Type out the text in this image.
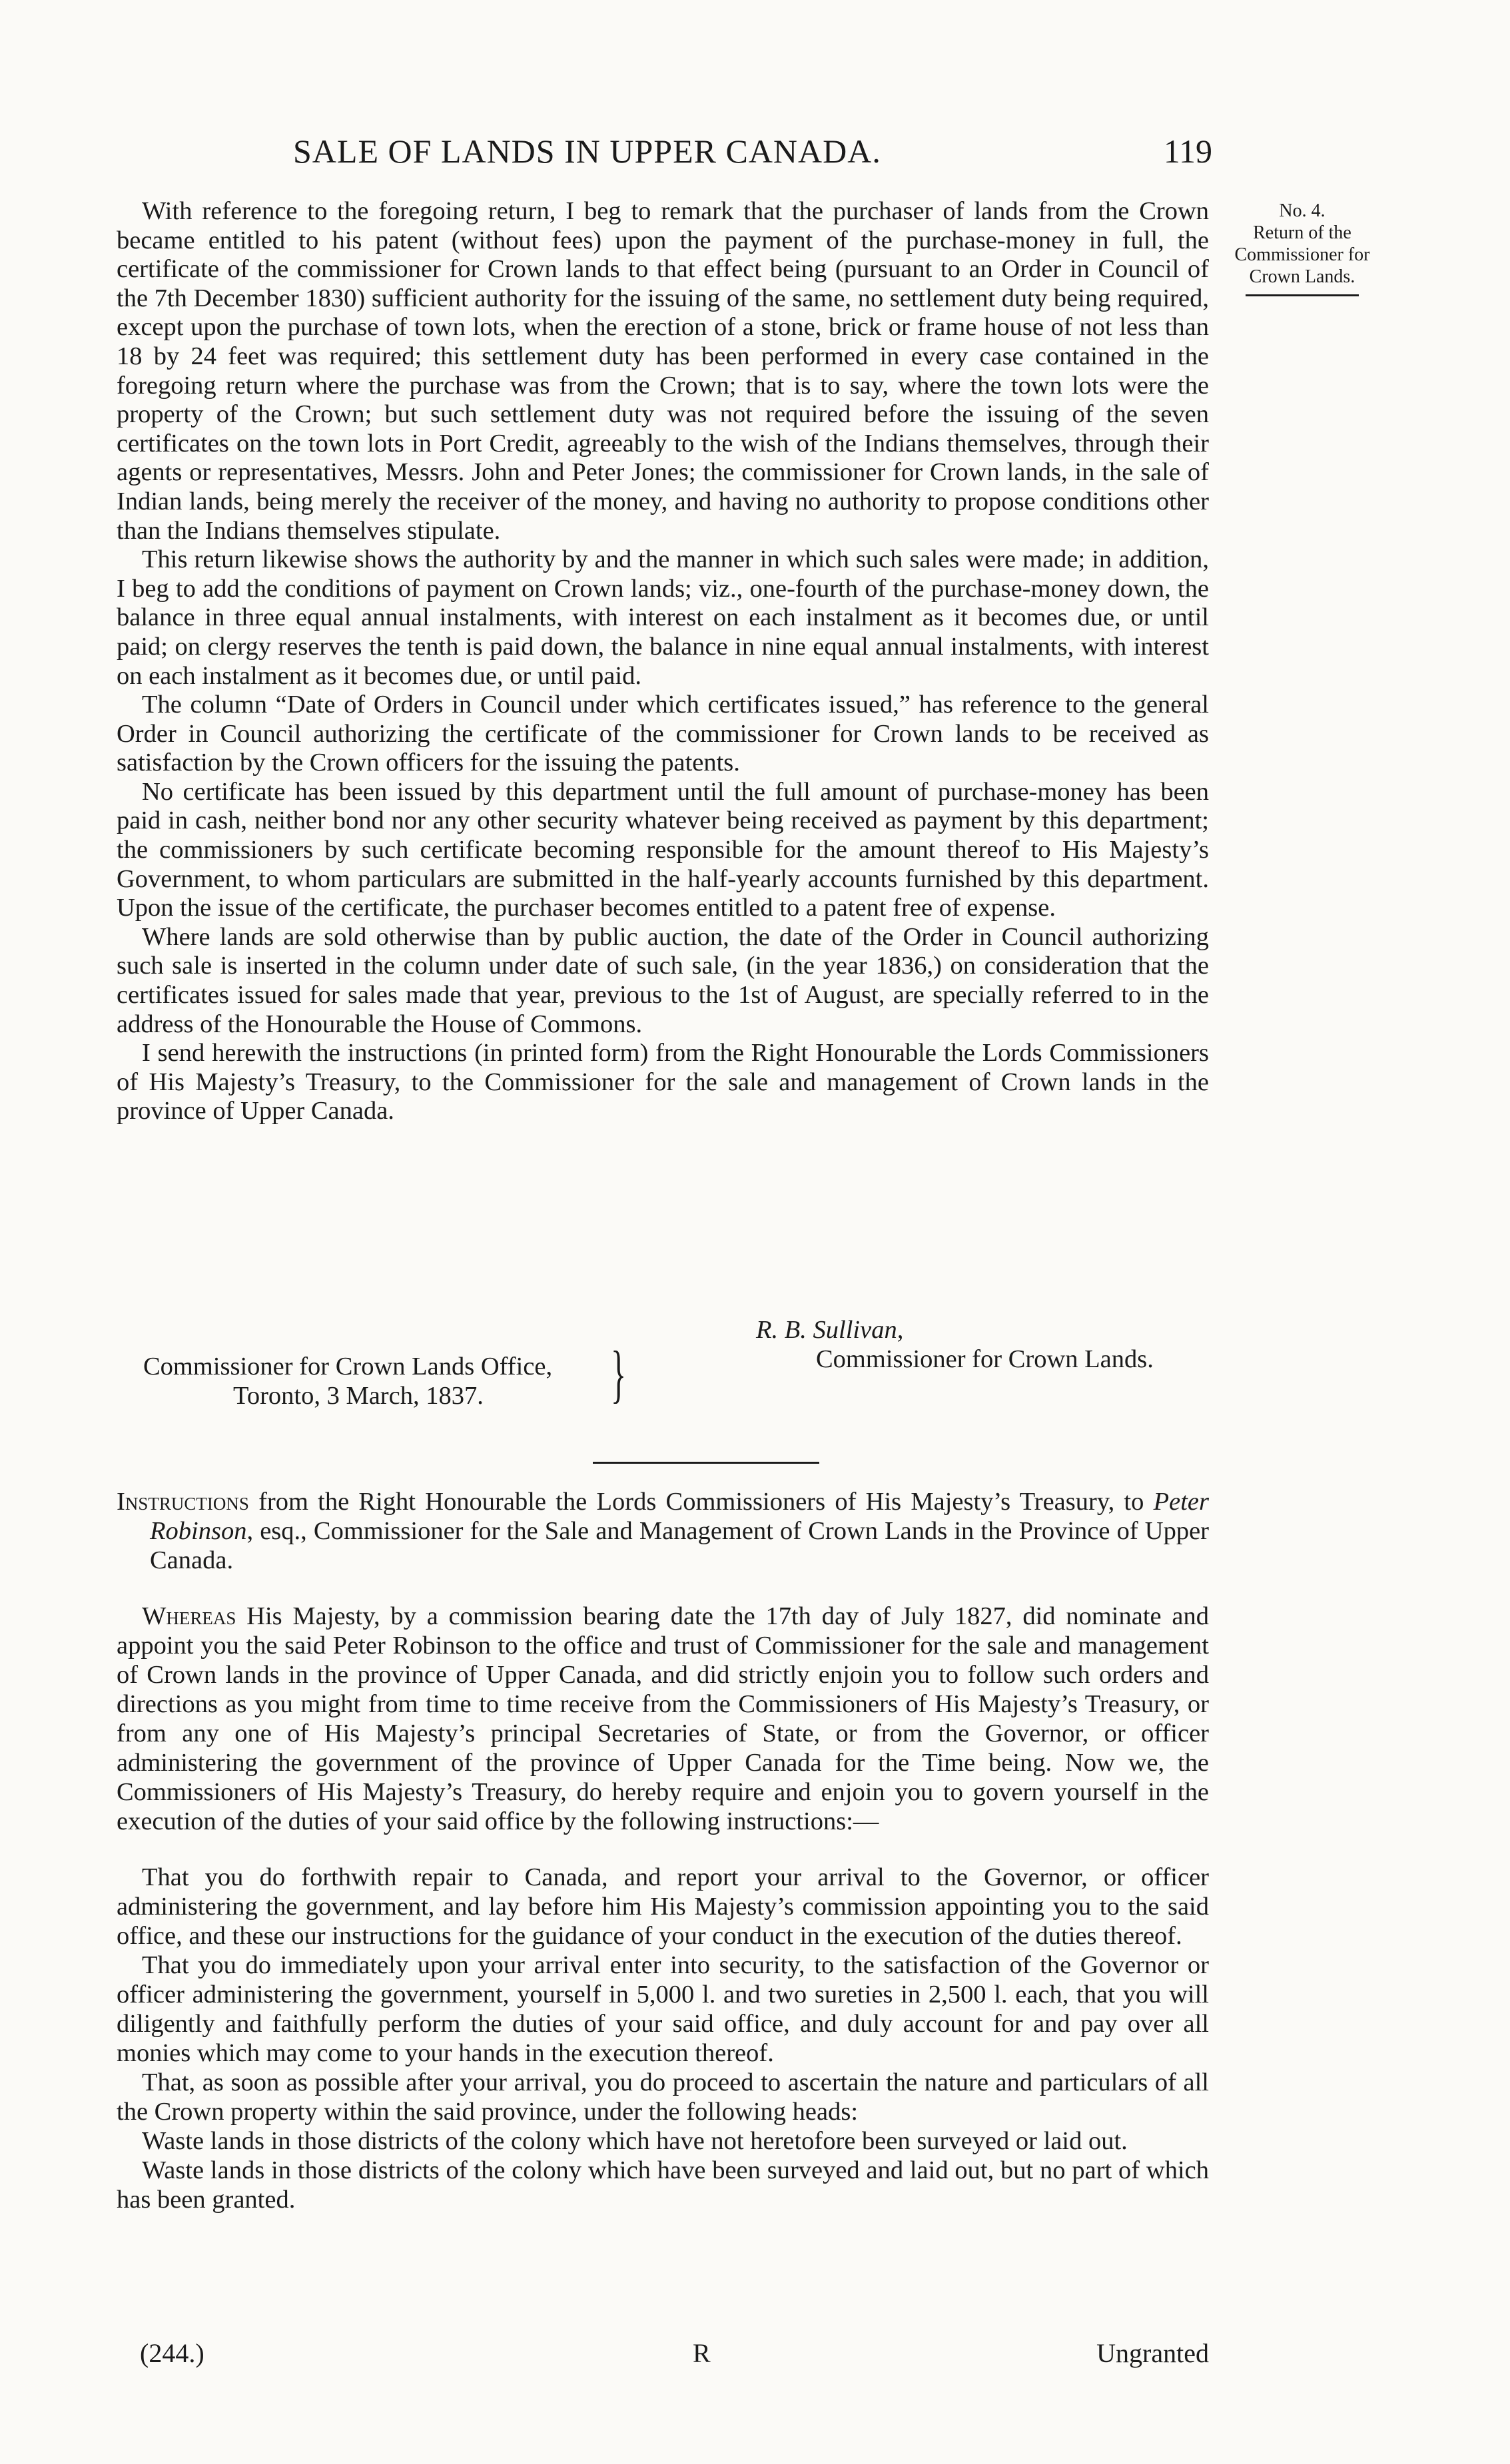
SALE OF LANDS IN UPPER CANADA.	119
No. 4.
Return of the Commissioner for Crown Lands.

With reference to the foregoing return, I beg to remark that the purchaser of lands from the Crown became entitled to his patent (without fees) upon the payment of the purchase-money in full, the certificate of the commissioner for Crown lands to that effect being (pursuant to an Order in Council of the 7th December 1830) sufficient authority for the issuing of the same, no settlement duty being required, except upon the purchase of town lots, when the erection of a stone, brick or frame house of not less than 18 by 24 feet was required; this settlement duty has been performed in every case contained in the foregoing return where the purchase was from the Crown; that is to say, where the town lots were the property of the Crown; but such settlement duty was not required before the issuing of the seven certificates on the town lots in Port Credit, agreeably to the wish of the Indians themselves, through their agents or representatives, Messrs. John and Peter Jones; the commissioner for Crown lands, in the sale of Indian lands, being merely the receiver of the money, and having no authority to propose conditions other than the Indians themselves stipulate.

This return likewise shows the authority by and the manner in which such sales were made; in addition, I beg to add the conditions of payment on Crown lands; viz., one-fourth of the purchase-money down, the balance in three equal annual instalments, with interest on each instalment as it becomes due, or until paid; on clergy reserves the tenth is paid down, the balance in nine equal annual instalments, with interest on each instalment as it becomes due, or until paid.

The column “Date of Orders in Council under which certificates issued,” has reference to the general Order in Council authorizing the certificate of the commissioner for Crown lands to be received as satisfaction by the Crown officers for the issuing the patents.

No certificate has been issued by this department until the full amount of purchase-money has been paid in cash, neither bond nor any other security whatever being received as payment by this department; the commissioners by such certificate becoming responsible for the amount thereof to His Majesty’s Government, to whom particulars are submitted in the half-yearly accounts furnished by this department. Upon the issue of the certificate, the purchaser becomes entitled to a patent free of expense.

Where lands are sold otherwise than by public auction, the date of the Order in Council authorizing such sale is inserted in the column under date of such sale, (in the year 1836,) on consideration that the certificates issued for sales made that year, previous to the 1st of August, are specially referred to in the address of the Honourable the House of Commons.

I send herewith the instructions (in printed form) from the Right Honourable the Lords Commissioners of His Majesty’s Treasury, to the Commissioner for the sale and management of Crown lands in the province of Upper Canada.

R. B. Sullivan,
Commissioner for Crown Lands.
Commissioner for Crown Lands Office,
Toronto, 3 March, 1837. }

Instructions from the Right Honourable the Lords Commissioners of His Majesty’s Treasury, to Peter Robinson, esq., Commissioner for the Sale and Management of Crown Lands in the Province of Upper Canada.

Whereas His Majesty, by a commission bearing date the 17th day of July 1827, did nominate and appoint you the said Peter Robinson to the office and trust of Commissioner for the sale and management of Crown lands in the province of Upper Canada, and did strictly enjoin you to follow such orders and directions as you might from time to time receive from the Commissioners of His Majesty’s Treasury, or from any one of His Majesty’s principal Secretaries of State, or from the Governor, or officer administering the government of the province of Upper Canada for the Time being. Now we, the Commissioners of His Majesty’s Treasury, do hereby require and enjoin you to govern yourself in the execution of the duties of your said office by the following instructions:—

That you do forthwith repair to Canada, and report your arrival to the Governor, or officer administering the government, and lay before him His Majesty’s commission appointing you to the said office, and these our instructions for the guidance of your conduct in the execution of the duties thereof.

That you do immediately upon your arrival enter into security, to the satisfaction of the Governor or officer administering the government, yourself in 5,000 l. and two sureties in 2,500 l. each, that you will diligently and faithfully perform the duties of your said office, and duly account for and pay over all monies which may come to your hands in the execution thereof.

That, as soon as possible after your arrival, you do proceed to ascertain the nature and particulars of all the Crown property within the said province, under the following heads:

Waste lands in those districts of the colony which have not heretofore been surveyed or laid out.

Waste lands in those districts of the colony which have been surveyed and laid out, but no part of which has been granted.

(244.)	R	Ungranted
